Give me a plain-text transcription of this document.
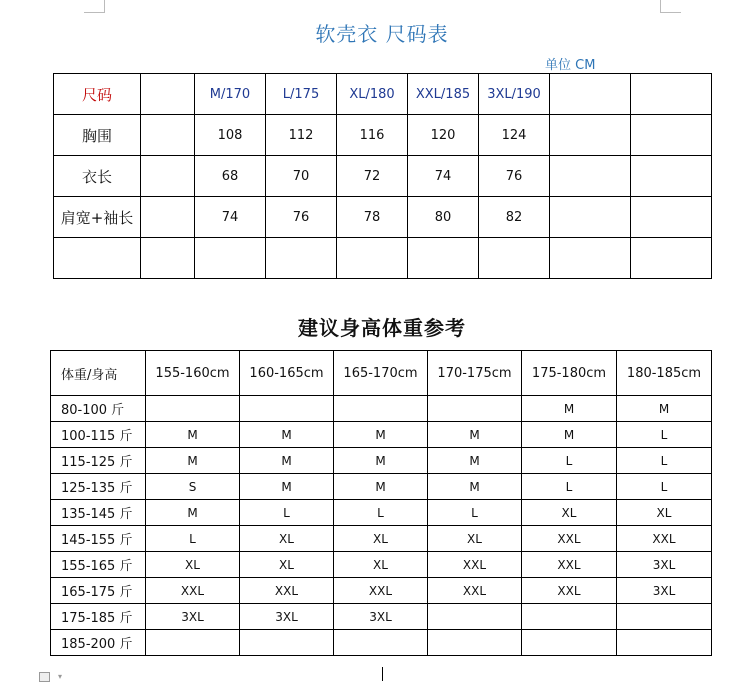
软壳衣 尺码表
单位 CM
尺码		M/170	L/175	XL/180	XXL/185	3XL/190		
胸围		108	112	116	120	124		
衣长		68	70	72	74	76		
肩宽+袖长		74	76	78	80	82		

建议身高体重参考
体重/身高	155-160cm	160-165cm	165-170cm	170-175cm	175-180cm	180-185cm
80-100 斤					M	M
100-115 斤	M	M	M	M	M	L
115-125 斤	M	M	M	M	L	L
125-135 斤	S	M	M	M	L	L
135-145 斤	M	L	L	L	XL	XL
145-155 斤	L	XL	XL	XL	XXL	XXL
155-165 斤	XL	XL	XL	XXL	XXL	3XL
165-175 斤	XXL	XXL	XXL	XXL	XXL	3XL
175-185 斤	3XL	3XL	3XL			
185-200 斤						
▾
